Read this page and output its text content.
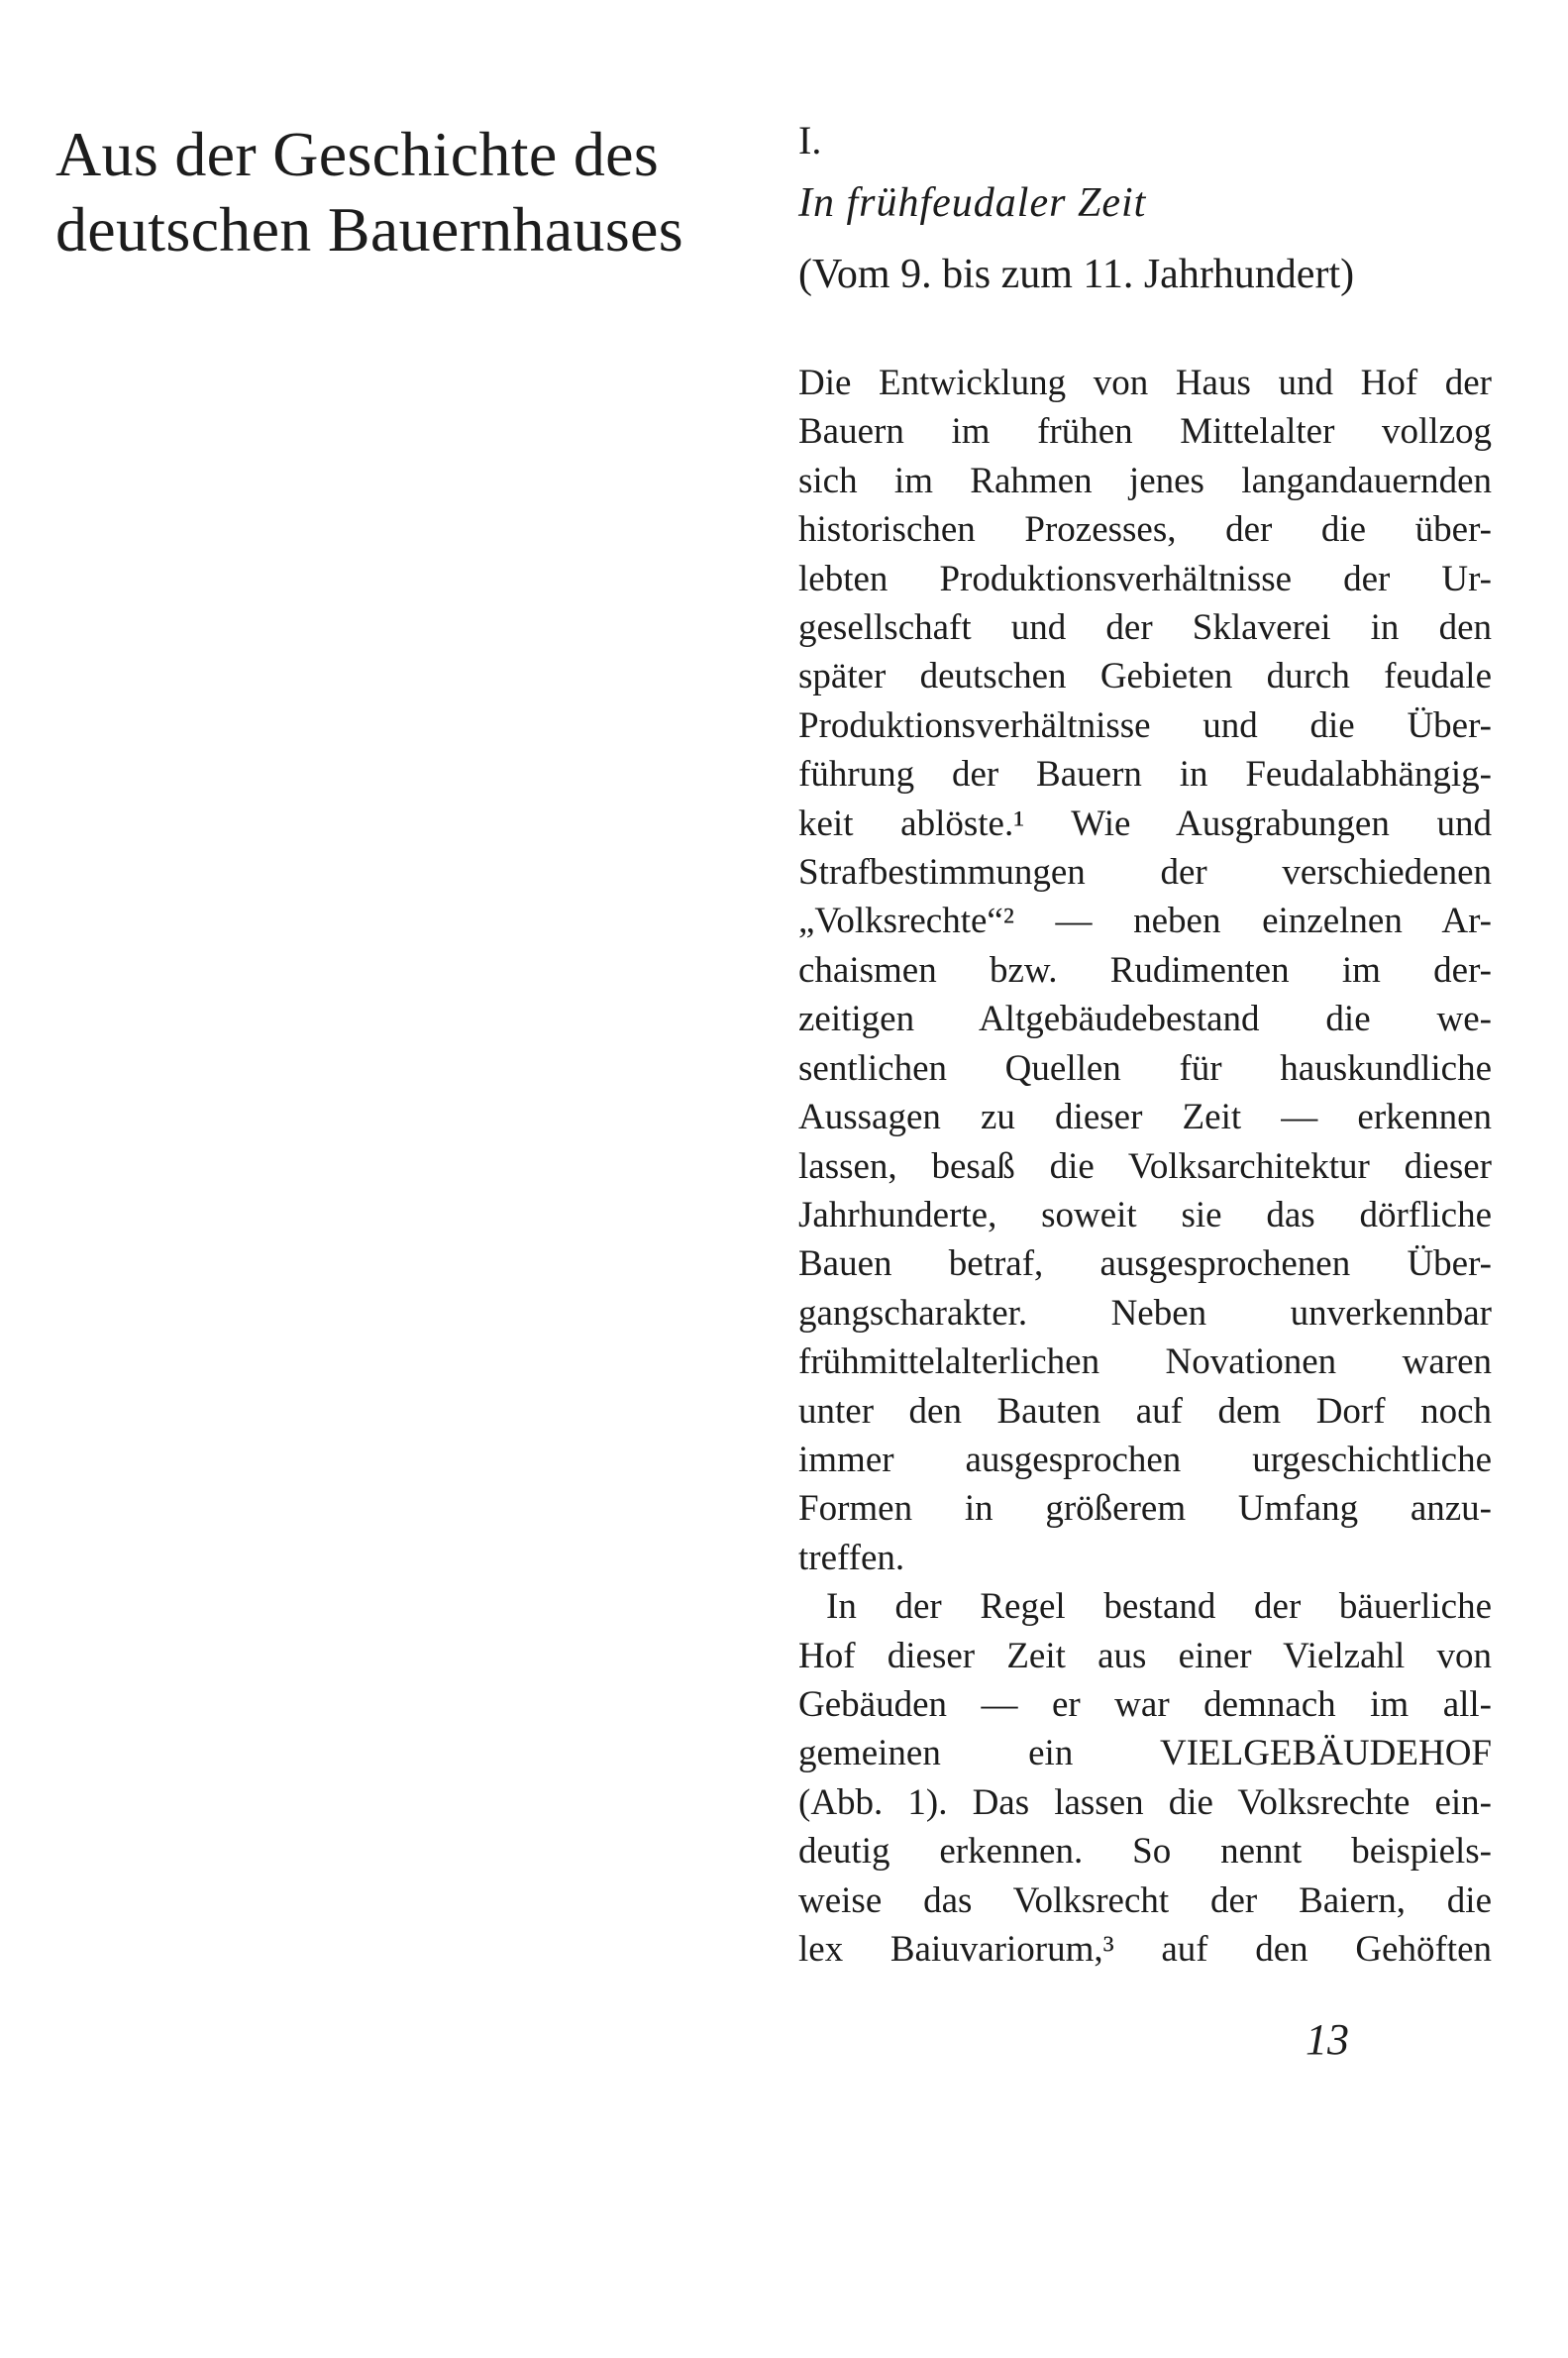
Aus der Geschichte des
deutschen Bauernhauses
I.
In frühfeudaler Zeit
(Vom 9. bis zum 11. Jahrhundert)

Die Entwicklung von Haus und Hof der
Bauern im frühen Mittelalter vollzog
sich im Rahmen jenes langandauernden
historischen Prozesses, der die über-
lebten Produktionsverhältnisse der Ur-
gesellschaft und der Sklaverei in den
später deutschen Gebieten durch feudale
Produktionsverhältnisse und die Über-
führung der Bauern in Feudalabhängig-
keit ablöste.¹ Wie Ausgrabungen und
Strafbestimmungen der verschiedenen
„Volksrechte“² — neben einzelnen Ar-
chaismen bzw. Rudimenten im der-
zeitigen Altgebäudebestand die we-
sentlichen Quellen für hauskundliche
Aussagen zu dieser Zeit — erkennen
lassen, besaß die Volksarchitektur dieser
Jahrhunderte, soweit sie das dörfliche
Bauen betraf, ausgesprochenen Über-
gangscharakter. Neben unverkennbar
frühmittelalterlichen Novationen waren
unter den Bauten auf dem Dorf noch
immer ausgesprochen urgeschichtliche
Formen in größerem Umfang anzu-
treffen.

In der Regel bestand der bäuerliche
Hof dieser Zeit aus einer Vielzahl von
Gebäuden — er war demnach im all-
gemeinen ein VIELGEBÄUDEHOF
(Abb. 1). Das lassen die Volksrechte ein-
deutig erkennen. So nennt beispiels-
weise das Volksrecht der Baiern, die
lex Baiuvariorum,³ auf den Gehöften

13
